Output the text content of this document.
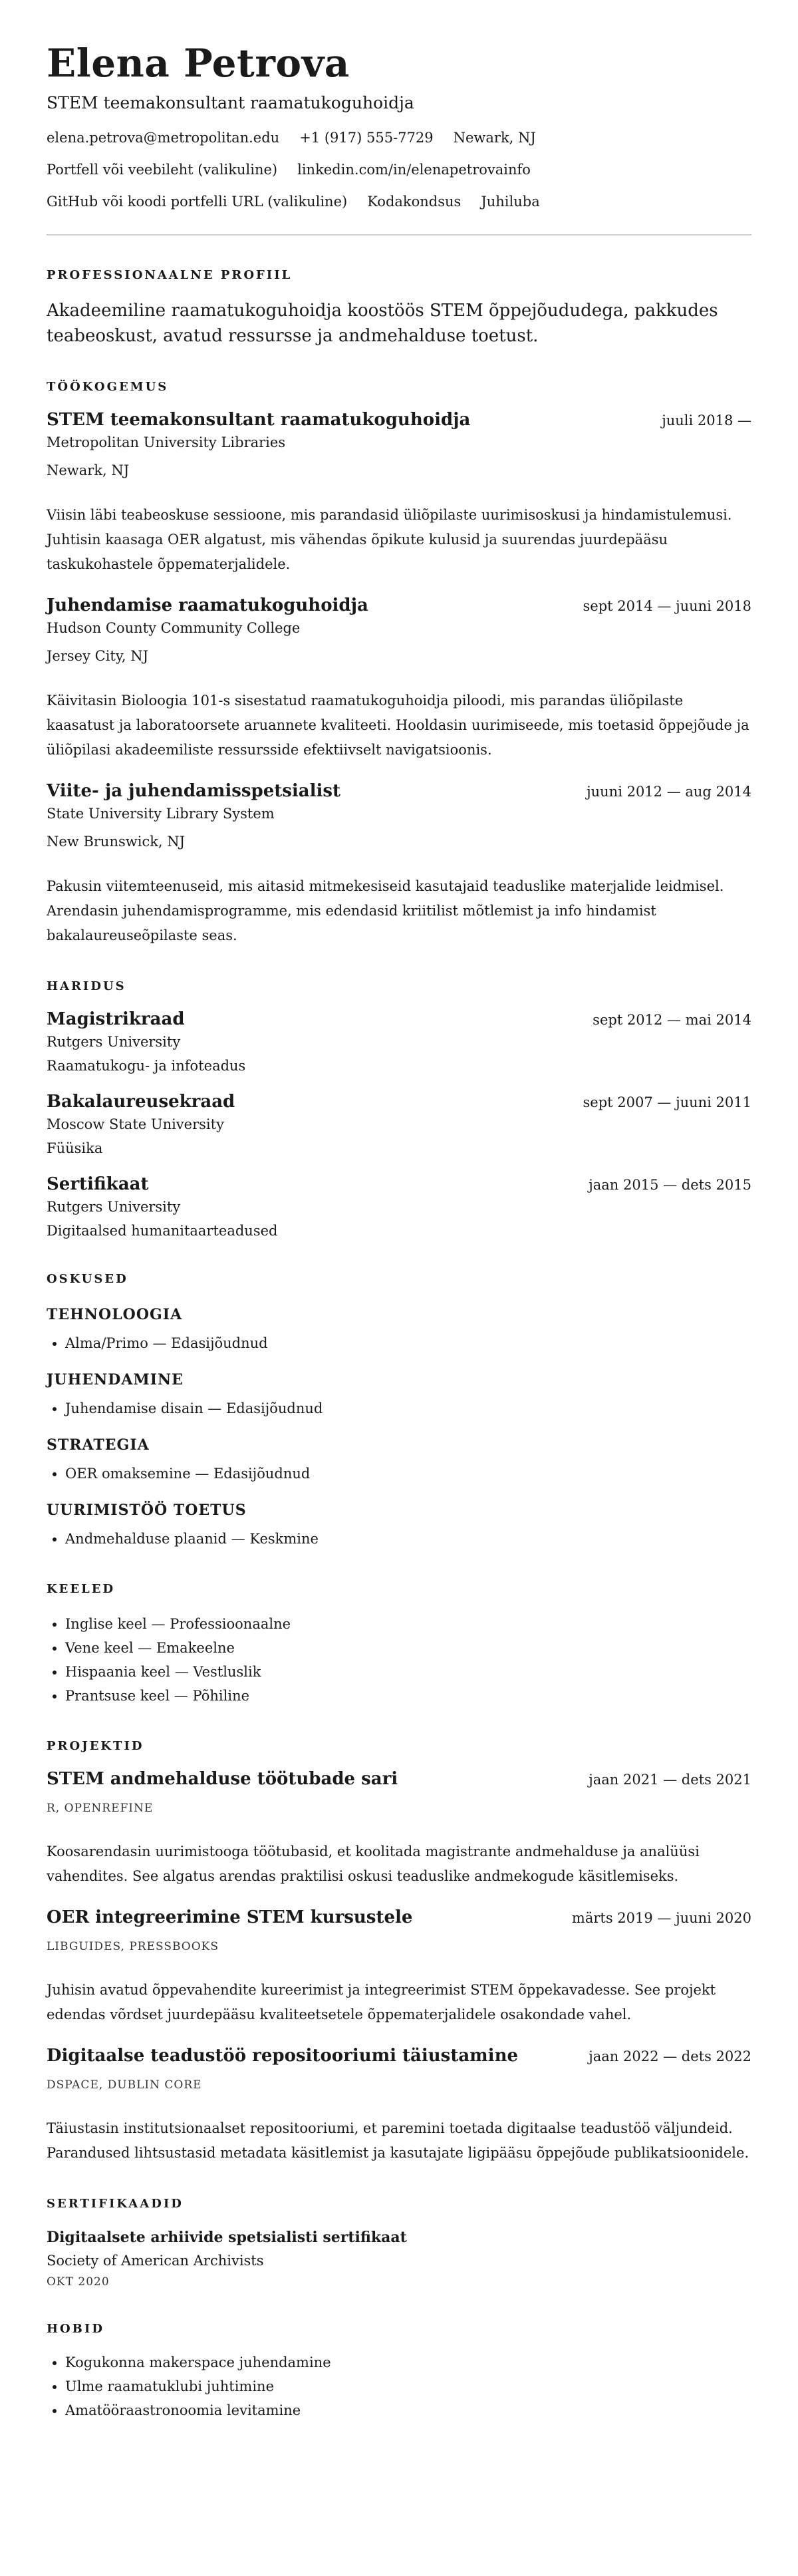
Elena Petrova
STEM teemakonsultant raamatukoguhoidja
elena.petrova@metropolitan.edu +1 (917) 555-7729 Newark, NJ
Portfell või veebileht (valikuline) linkedin.com/in/elenapetrovainfo
GitHub või koodi portfelli URL (valikuline) Kodakondsus Juhiluba
PROFESSIONAALNE PROFIIL

Akadeemiline raamatukoguhoidja koostöös STEM õppejõududega, pakkudes teabeoskust, avatud ressursse ja andmehalduse toetust.

TÖÖKOGEMUS
STEM teemakonsultant raamatukoguhoidja	juuli 2018 —
Metropolitan University Libraries
Newark, NJ

Viisin läbi teabeoskuse sessioone, mis parandasid üliõpilaste uurimisoskusi ja hindamistulemusi. Juhtisin kaasaga OER algatust, mis vähendas õpikute kulusid ja suurendas juurdepääsu taskukohastele õppematerjalidele.

Juhendamise raamatukoguhoidja	sept 2014 — juuni 2018
Hudson County Community College
Jersey City, NJ

Käivitasin Bioloogia 101-s sisestatud raamatukoguhoidja piloodi, mis parandas üliõpilaste kaasatust ja laboratoorsete aruannete kvaliteeti. Hooldasin uurimiseede, mis toetasid õppejõude ja üliõpilasi akadeemiliste ressursside efektiivselt navigatsioonis.

Viite- ja juhendamisspetsialist	juuni 2012 — aug 2014
State University Library System
New Brunswick, NJ

Pakusin viitemteenuseid, mis aitasid mitmekesiseid kasutajaid teaduslike materjalide leidmisel. Arendasin juhendamisprogramme, mis edendasid kriitilist mõtlemist ja info hindamist bakalaureuseõpilaste seas.

HARIDUS
Magistrikraad	sept 2012 — mai 2014
Rutgers University
Raamatukogu- ja infoteadus
Bakalaureusekraad	sept 2007 — juuni 2011
Moscow State University
Füüsika
Sertifikaat	jaan 2015 — dets 2015
Rutgers University
Digitaalsed humanitaarteadused
OSKUSED
TEHNOLOOGIA
• Alma/Primo — Edasijõudnud
JUHENDAMINE
• Juhendamise disain — Edasijõudnud
STRATEGIA
• OER omaksemine — Edasijõudnud
UURIMISTÖÖ TOETUS
• Andmehalduse plaanid — Keskmine
KEELED
• Inglise keel — Professioonaalne
• Vene keel — Emakeelne
• Hispaania keel — Vestluslik
• Prantsuse keel — Põhiline
PROJEKTID
STEM andmehalduse töötubade sari	jaan 2021 — dets 2021
R, OPENREFINE

Koosarendasin uurimistooga töötubasid, et koolitada magistrante andmehalduse ja analüüsi vahendites. See algatus arendas praktilisi oskusi teaduslike andmekogude käsitlemiseks.

OER integreerimine STEM kursustele	märts 2019 — juuni 2020
LIBGUIDES, PRESSBOOKS

Juhisin avatud õppevahendite kureerimist ja integreerimist STEM õppekavadesse. See projekt edendas võrdset juurdepääsu kvaliteetsetele õppematerjalidele osakondade vahel.

Digitaalse teadustöö repositooriumi täiustamine	jaan 2022 — dets 2022
DSPACE, DUBLIN CORE

Täiustasin institutsionaalset repositooriumi, et paremini toetada digitaalse teadustöö väljundeid. Parandused lihtsustasid metadata käsitlemist ja kasutajate ligipääsu õppejõude publikatsioonidele.

SERTIFIKAADID
Digitaalsete arhiivide spetsialisti sertifikaat
Society of American Archivists
OKT 2020
HOBID
• Kogukonna makerspace juhendamine
• Ulme raamatuklubi juhtimine
• Amatööraastronoomia levitamine
